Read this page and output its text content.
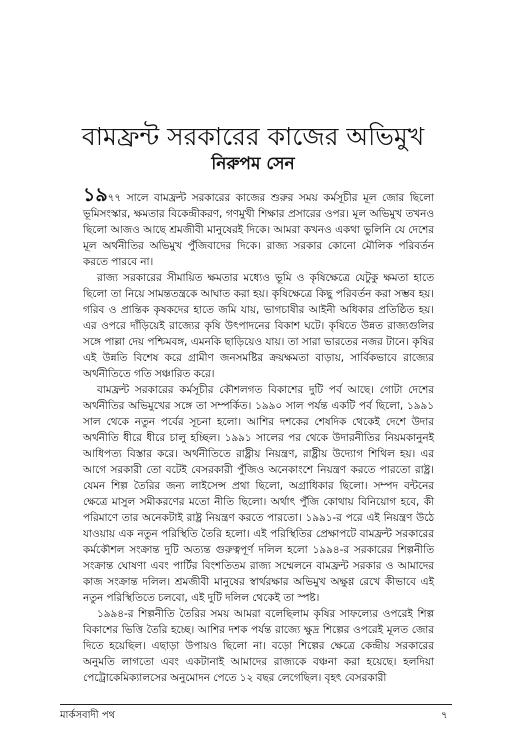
বামফ্রন্ট সরকারের কাজের অভিমুখ
নিরুপম সেন

১৯৭৭ সালে বামফ্রন্ট সরকারের কাজের শুরুর সময় কর্মসূচীর মূল জোর ছিলো ভূমিসংস্কার, ক্ষমতার বিকেন্দ্রীকরণ, গণমুখী শিক্ষার প্রসারের ওপর। মূল অভিমুখ তখনও ছিলো আজও আছে শ্রমজীবী মানুষেরই দিকে। আমরা কখনও একথা ভুলিনি যে দেশের মূল অর্থনীতির অভিমুখ পুঁজিবাদের দিকে। রাজ্য সরকার কোনো মৌলিক পরিবর্তন করতে পারবে না।

রাজ্য সরকারের সীমায়িত ক্ষমতার মধ্যেও ভূমি ও কৃষিক্ষেত্রে যেটুকু ক্ষমতা হাতে ছিলো তা নিয়ে সামন্ততন্ত্রকে আঘাত করা হয়। কৃষিক্ষেত্রে কিছু পরিবর্তন করা সম্ভব হয়। গরিব ও প্রান্তিক কৃষকদের হাতে জমি যায়, ভাগচাষীর আইনী অধিকার প্রতিষ্ঠিত হয়। এর ওপরে দাঁড়িয়েই রাজ্যের কৃষি উৎপাদনের বিকাশ ঘটে। কৃষিতে উন্নত রাজ্যগুলির সঙ্গে পাল্লা দেয় পশ্চিমবঙ্গ, এমনকি ছাড়িয়েও যায়। তা সারা ভারতের নজর টানে। কৃষির এই উন্নতি বিশেষ করে গ্রামীণ জনসমষ্টির ক্রয়ক্ষমতা বাড়ায়, সার্বিকভাবে রাজ্যের অর্থনীতিতে গতি সঞ্চারিত করে।

বামফ্রন্ট সরকারের কর্মসূচীর কৌশলগত বিকাশের দুটি পর্ব আছে। গোটা দেশের অর্থনীতির অভিমুখের সঙ্গে তা সম্পর্কিত। ১৯৯০ সাল পর্যন্ত একটি পর্ব ছিলো, ১৯৯১ সাল থেকে নতুন পর্বের সূচনা হলো। আশির দশকের শেষদিক থেকেই দেশে উদার অর্থনীতি ধীরে ধীরে চালু হচ্ছিল। ১৯৯১ সালের পর থেকে উদারনীতির নিয়মকানুনই আধিপত্য বিস্তার করে। অর্থনীতিতে রাষ্ট্রীয় নিয়ন্ত্রণ, রাষ্ট্রীয় উদ্যোগ শিথিল হয়। এর আগে সরকারী তো বটেই বেসরকারী পুঁজিও অনেকাংশে নিয়ন্ত্রণ করতে পারতো রাষ্ট্র। যেমন শিল্প তৈরির জন্য লাইসেন্স প্রথা ছিলো, অগ্রাধিকার ছিলো। সম্পদ বন্টনের ক্ষেত্রে মাসুল সমীকরণের মতো নীতি ছিলো। অর্থাৎ পুঁজি কোথায় বিনিয়োগ হবে, কী পরিমাণে তার অনেকটাই রাষ্ট্র নিয়ন্ত্রণ করতে পারতো। ১৯৯১-র পরে এই নিয়ন্ত্রণ উঠে যাওয়ায় এক নতুন পরিস্থিতি তৈরি হলো। এই পরিস্থিতির প্রেক্ষাপটে বামফ্রন্ট সরকারের কর্মকৌশল সংক্রান্ত দুটি অত্যন্ত গুরুত্বপূর্ণ দলিল হলো ১৯৯৪-র সরকারের শিল্পনীতি সংক্রান্ত ঘোষণা এবং পার্টির বিংশতিতম রাজ্য সম্মেলনে বামফ্রন্ট সরকার ও আমাদের কাজ সংক্রান্ত দলিল। শ্রমজীবী মানুষের স্বার্থরক্ষার অভিমুখ অক্ষুণ্ণ রেখে কীভাবে এই নতুন পরিস্থিতিতে চলবো, এই দুটি দলিল থেকেই তা স্পষ্ট।

১৯৯৪-র শিল্পনীতি তৈরির সময় আমরা বলেছিলাম কৃষির সাফল্যের ওপরেই শিল্প বিকাশের ভিত্তি তৈরি হচ্ছে। আশির দশক পর্যন্ত রাজ্যে ক্ষুদ্র শিল্পের ওপরেই মূলত জোর দিতে হয়েছিল। এছাড়া উপায়ও ছিলো না। বড়ো শিল্পের ক্ষেত্রে কেন্দ্রীয় সরকারের অনুমতি লাগতো এবং একটানাই আমাদের রাজ্যকে বঞ্চনা করা হয়েছে। হলদিয়া পেট্রোকেমিক্যালসের অনুমোদন পেতে ১২ বছর লেগেছিল। বৃহৎ বেসরকারী

মার্কসবাদী পথ	৭
